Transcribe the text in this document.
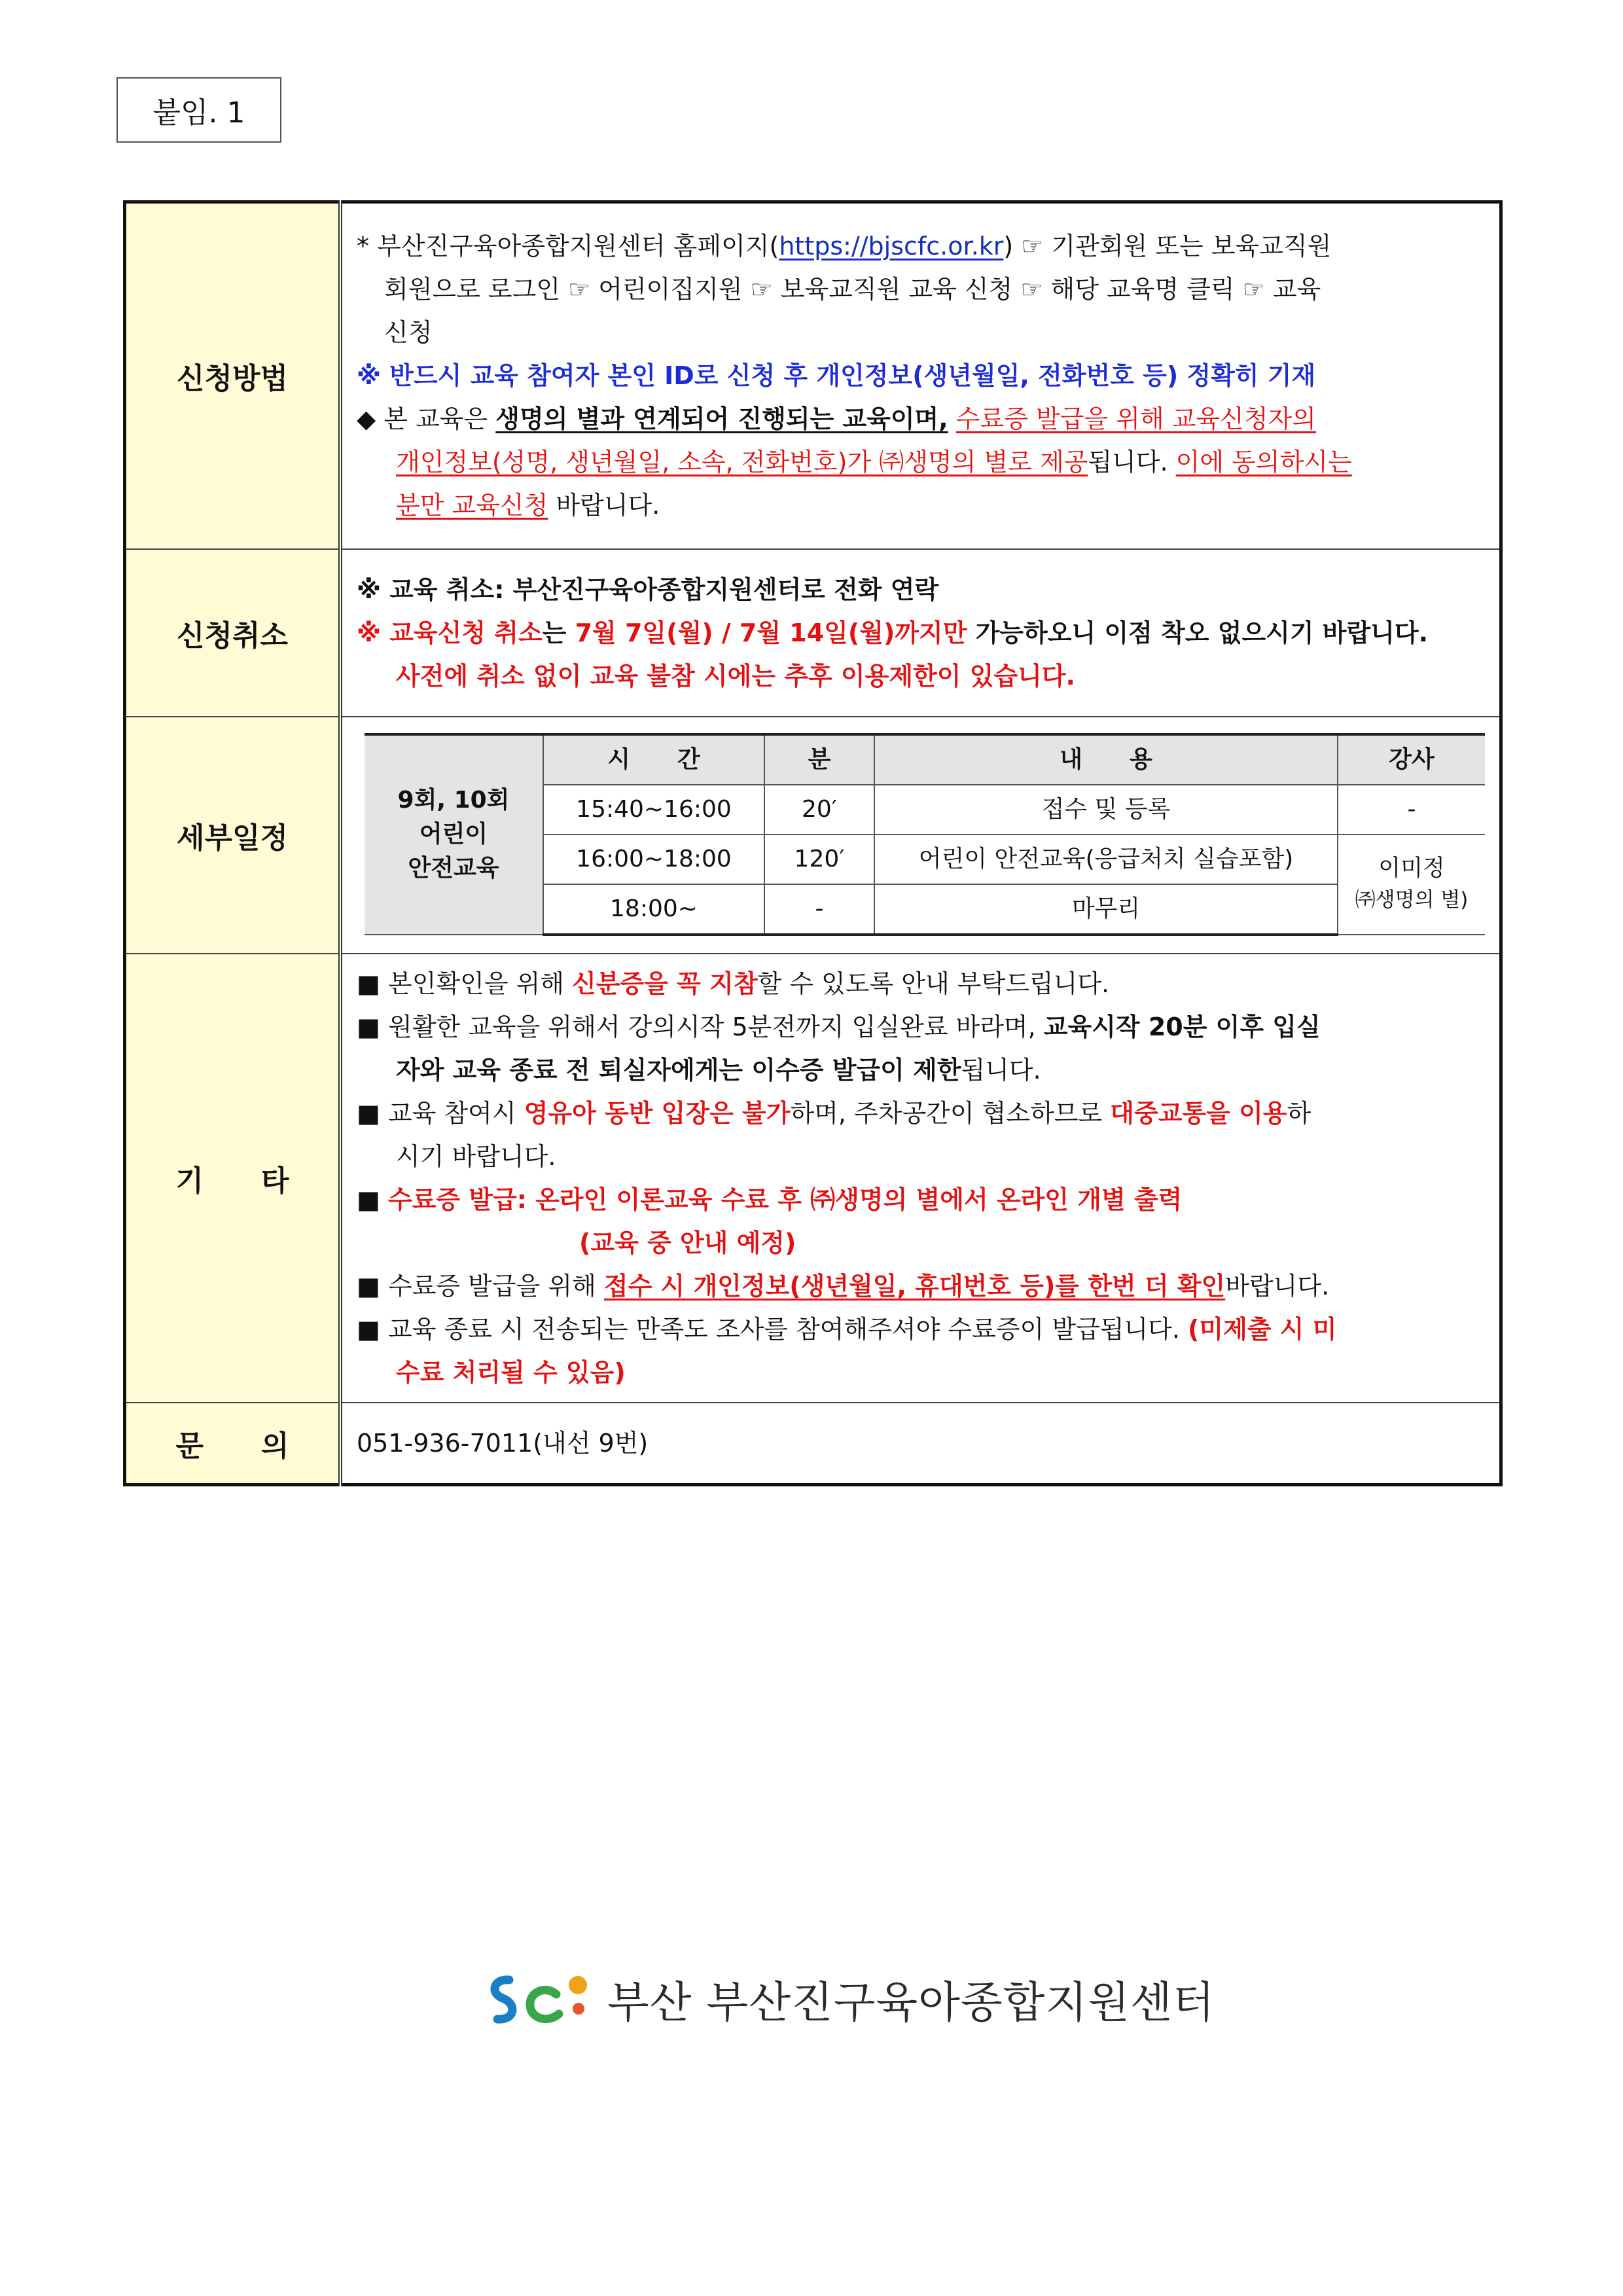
붙임. 1
신청방법	
* 부산진구육아종합지원센터 홈페이지(https://bjscfc.or.kr) ☞ 기관회원 또는 보육교직원
회원으로 로그인 ☞ 어린이집지원 ☞ 보육교직원 교육 신청 ☞ 해당 교육명 클릭 ☞ 교육
신청
※ 반드시 교육 참여자 본인 ID로 신청 후 개인정보(생년월일, 전화번호 등) 정확히 기재
◆ 본 교육은 생명의 별과 연계되어 진행되는 교육이며, 수료증 발급을 위해 교육신청자의
개인정보(성명, 생년월일, 소속, 전화번호)가 ㈜생명의 별로 제공됩니다. 이에 동의하시는
분만 교육신청 바랍니다.

신청취소	
※ 교육 취소: 부산진구육아종합지원센터로 전화 연락
※ 교육신청 취소는 7월 7일(월) / 7월 14일(월)까지만 가능하오니 이점 착오 없으시기 바랍니다.
사전에 취소 없이 교육 불참 시에는 추후 이용제한이 있습니다.

세부일정	
9회, 10회
어린이
안전교육
	시　　간	분	내　　용	강사
15:40~16:00	20′	접수 및 등록	-
16:00~18:00	120′	어린이 안전교육(응급처치 실습포함)	이미정
㈜생명의 별)

18:00~	-	마무리

기　　타	
■ 본인확인을 위해 신분증을 꼭 지참할 수 있도록 안내 부탁드립니다.
■ 원활한 교육을 위해서 강의시작 5분전까지 입실완료 바라며, 교육시작 20분 이후 입실
자와 교육 종료 전 퇴실자에게는 이수증 발급이 제한됩니다.
■ 교육 참여시 영유아 동반 입장은 불가하며, 주차공간이 협소하므로 대중교통을 이용하
시기 바랍니다.
■ 수료증 발급: 온라인 이론교육 수료 후 ㈜생명의 별에서 온라인 개별 출력
(교육 중 안내 예정)
■ 수료증 발급을 위해 접수 시 개인정보(생년월일, 휴대번호 등)를 한번 더 확인바랍니다.
■ 교육 종료 시 전송되는 만족도 조사를 참여해주셔야 수료증이 발급됩니다. (미제출 시 미
수료 처리될 수 있음)

문　　의	051-936-7011(내선 9번)
부산 부산진구육아종합지원센터
